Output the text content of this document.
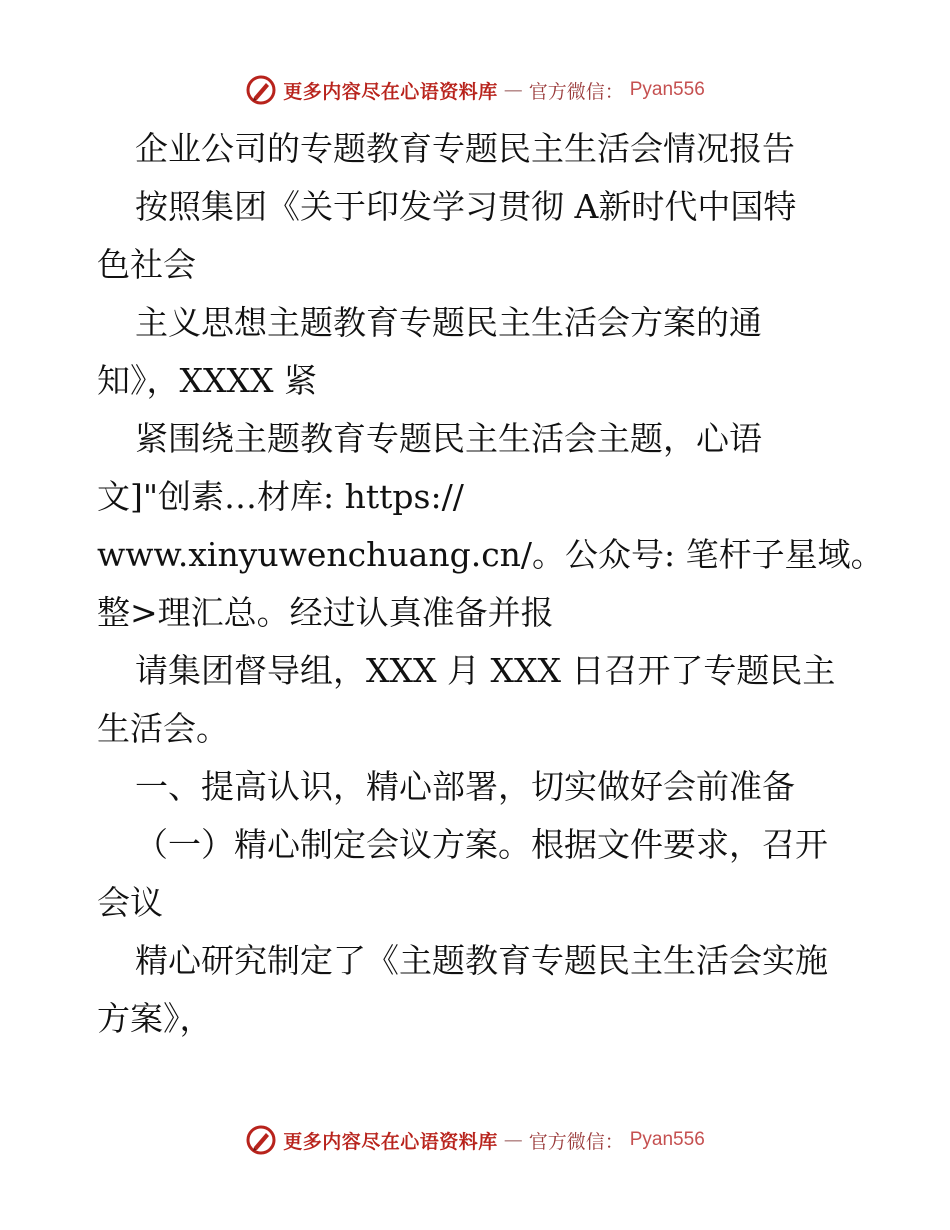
更多内容尽在心语资料库 — 官方微信： Pyan556
企业公司的专题教育专题民主生活会情况报告
按照集团《关于印发学习贯彻 A新时代中国特
色社会
主义思想主题教育专题民主生活会方案的通
知》，XXXX 紧
紧围绕主题教育专题民主生活会主题，心语
文]"创素…材库: https://
www.xinyuwenchuang.cn/。公众号: 笔杆子星域。
整>理汇总。经过认真准备并报
请集团督导组，XXX 月 XXX 日召开了专题民主
生活会。
一、提高认识，精心部署，切实做好会前准备
（一）精心制定会议方案。根据文件要求，召开
会议
精心研究制定了《主题教育专题民主生活会实施
方案》，
更多内容尽在心语资料库 — 官方微信： Pyan556
